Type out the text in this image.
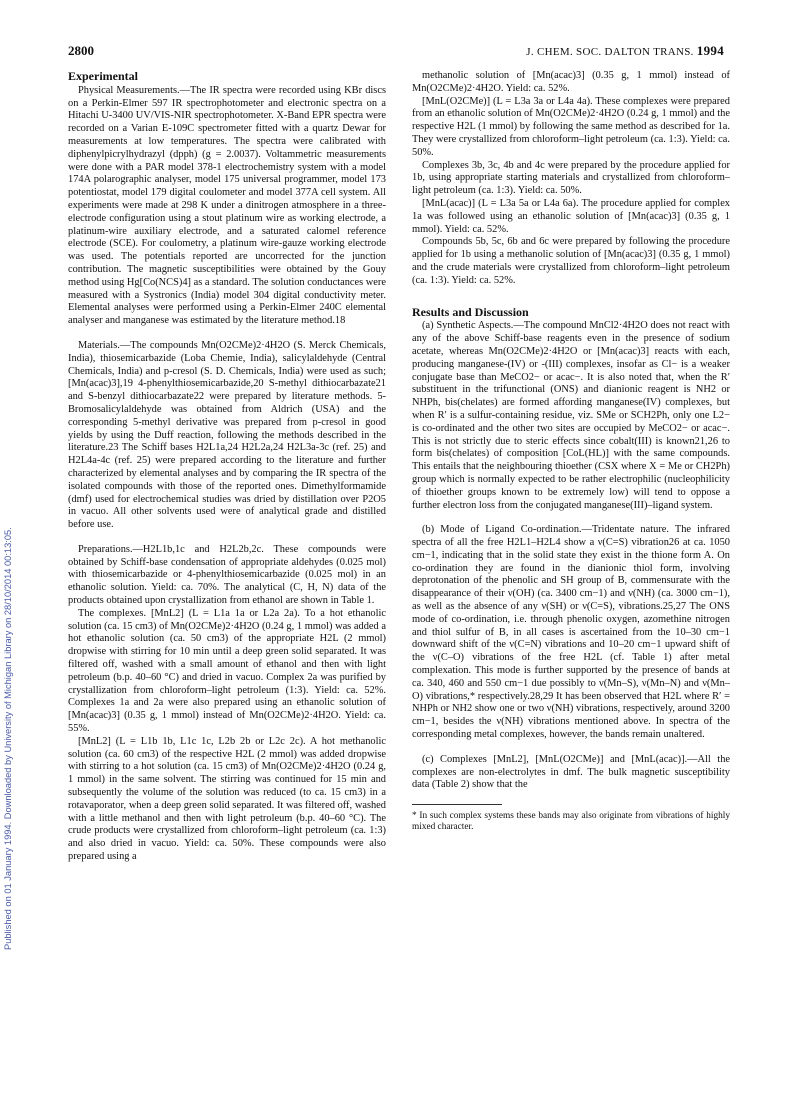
2800	J. CHEM. SOC. DALTON TRANS. 1994
Published on 01 January 1994. Downloaded by University of Michigan Library on 28/10/2014 00:13:05.
Experimental

Physical Measurements.—The IR spectra were recorded using KBr discs on a Perkin-Elmer 597 IR spectrophotometer and electronic spectra on a Hitachi U-3400 UV/VIS-NIR spectrophotometer. X-Band EPR spectra were recorded on a Varian E-109C spectrometer fitted with a quartz Dewar for measurements at low temperatures. The spectra were calibrated with diphenylpicrylhydrazyl (dpph) (g = 2.0037). Voltammetric measurements were done with a PAR model 378-1 electrochemistry system with a model 174A polarographic analyser, model 175 universal programmer, model 173 potentiostat, model 179 digital coulometer and model 377A cell system. All experiments were made at 298 K under a dinitrogen atmosphere in a three-electrode configuration using a stout platinum wire as working electrode, a platinum-wire auxiliary electrode, and a saturated calomel reference electrode (SCE). For coulometry, a platinum wire-gauze working electrode was used. The potentials reported are uncorrected for the junction contribution. The magnetic susceptibilities were obtained by the Gouy method using Hg[Co(NCS)4] as a standard. The solution conductances were measured with a Systronics (India) model 304 digital conductivity meter. Elemental analyses were performed using a Perkin-Elmer 240C elemental analyser and manganese was estimated by the literature method.18

Materials.—The compounds Mn(O2CMe)2·4H2O (S. Merck Chemicals, India), thiosemicarbazide (Loba Chemie, India), salicylaldehyde (Central Chemicals, India) and p-cresol (S. D. Chemicals, India) were used as such; [Mn(acac)3],19 4-phenylthiosemicarbazide,20 S-methyl dithiocarbazate21 and S-benzyl dithiocarbazate22 were prepared by literature methods. 5-Bromosalicylaldehyde was obtained from Aldrich (USA) and the corresponding 5-methyl derivative was prepared from p-cresol in good yields by using the Duff reaction, following the methods described in the literature.23 The Schiff bases H2L1a,24 H2L2a,24 H2L3a-3c (ref. 25) and H2L4a-4c (ref. 25) were prepared according to the literature and further characterized by elemental analyses and by comparing the IR spectra of the isolated compounds with those of the reported ones. Dimethylformamide (dmf) used for electrochemical studies was dried by distillation over P2O5 in vacuo. All other solvents used were of analytical grade and distilled before use.

Preparations.—H2L1b,1c and H2L2b,2c. These compounds were obtained by Schiff-base condensation of appropriate aldehydes (0.025 mol) with thiosemicarbazide or 4-phenylthiosemicarbazide (0.025 mol) in an ethanolic solution. Yield: ca. 70%. The analytical (C, H, N) data of the products obtained upon crystallization from ethanol are shown in Table 1.

The complexes. [MnL2] (L = L1a 1a or L2a 2a). To a hot ethanolic solution (ca. 15 cm3) of Mn(O2CMe)2·4H2O (0.24 g, 1 mmol) was added a hot ethanolic solution (ca. 50 cm3) of the appropriate H2L (2 mmol) dropwise with stirring for 10 min until a deep green solid separated. It was filtered off, washed with a small amount of ethanol and then with light petroleum (b.p. 40–60 °C) and dried in vacuo. Complex 2a was purified by crystallization from chloroform–light petroleum (1:3). Yield: ca. 52%. Complexes 1a and 2a were also prepared using an ethanolic solution of [Mn(acac)3] (0.35 g, 1 mmol) instead of Mn(O2CMe)2·4H2O. Yield: ca. 55%.

[MnL2] (L = L1b 1b, L1c 1c, L2b 2b or L2c 2c). A hot methanolic solution (ca. 60 cm3) of the respective H2L (2 mmol) was added dropwise with stirring to a hot solution (ca. 15 cm3) of Mn(O2CMe)2·4H2O (0.24 g, 1 mmol) in the same solvent. The stirring was continued for 15 min and subsequently the volume of the solution was reduced (to ca. 15 cm3) in a rotavaporator, when a deep green solid separated. It was filtered off, washed with a little methanol and then with light petroleum (b.p. 40–60 °C). The crude products were crystallized from chloroform–light petroleum (ca. 1:3) and also dried in vacuo. Yield: ca. 50%. These compounds were also prepared using a

methanolic solution of [Mn(acac)3] (0.35 g, 1 mmol) instead of Mn(O2CMe)2·4H2O. Yield: ca. 52%.

[MnL(O2CMe)] (L = L3a 3a or L4a 4a). These complexes were prepared from an ethanolic solution of Mn(O2CMe)2·4H2O (0.24 g, 1 mmol) and the respective H2L (1 mmol) by following the same method as described for 1a. They were crystallized from chloroform–light petroleum (ca. 1:3). Yield: ca. 50%.

Complexes 3b, 3c, 4b and 4c were prepared by the procedure applied for 1b, using appropriate starting materials and crystallized from chloroform–light petroleum (ca. 1:3). Yield: ca. 50%.

[MnL(acac)] (L = L3a 5a or L4a 6a). The procedure applied for complex 1a was followed using an ethanolic solution of [Mn(acac)3] (0.35 g, 1 mmol). Yield: ca. 52%.

Compounds 5b, 5c, 6b and 6c were prepared by following the procedure applied for 1b using a methanolic solution of [Mn(acac)3] (0.35 g, 1 mmol) and the crude materials were crystallized from chloroform–light petroleum (ca. 1:3). Yield: ca. 52%.

Results and Discussion

(a) Synthetic Aspects.—The compound MnCl2·4H2O does not react with any of the above Schiff-base reagents even in the presence of sodium acetate, whereas Mn(O2CMe)2·4H2O or [Mn(acac)3] reacts with each, producing manganese-(IV) or -(III) complexes, insofar as Cl− is a weaker conjugate base than MeCO2− or acac−. It is also noted that, when the R′ substituent in the trifunctional (ONS) and dianionic reagent is NH2 or NHPh, bis(chelates) are formed affording manganese(IV) complexes, but when R′ is a sulfur-containing residue, viz. SMe or SCH2Ph, only one L2− is co-ordinated and the other two sites are occupied by MeCO2− or acac−. This is not strictly due to steric effects since cobalt(III) is known21,26 to form bis(chelates) of composition [CoL(HL)] with the same compounds. This entails that the neighbouring thioether (CSX where X = Me or CH2Ph) group which is normally expected to be rather electrophilic (nucleophilicity of thioether groups known to be extremely low) will tend to oppose a further electron loss from the conjugated manganese(III)–ligand system.

(b) Mode of Ligand Co-ordination.—Tridentate nature. The infrared spectra of all the free H2L1–H2L4 show a ν(C=S) vibration26 at ca. 1050 cm−1, indicating that in the solid state they exist in the thione form A. On co-ordination they are found in the dianionic thiol form, involving deprotonation of the phenolic and SH group of B, commensurate with the disappearance of their ν(OH) (ca. 3400 cm−1) and ν(NH) (ca. 3000 cm−1), as well as the absence of any ν(SH) or ν(C=S), vibrations.25,27 The ONS mode of co-ordination, i.e. through phenolic oxygen, azomethine nitrogen and thiol sulfur of B, in all cases is ascertained from the 10–30 cm−1 downward shift of the ν(C=N) vibrations and 10–20 cm−1 upward shift of the ν(C–O) vibrations of the free H2L (cf. Table 1) after metal complexation. This mode is further supported by the presence of bands at ca. 340, 460 and 550 cm−1 due possibly to ν(Mn–S), ν(Mn–N) and ν(Mn–O) vibrations,* respectively.28,29 It has been observed that H2L where R′ = NHPh or NH2 show one or two ν(NH) vibrations, respectively, around 3200 cm−1, besides the ν(NH) vibrations mentioned above. In spectra of the corresponding metal complexes, however, the bands remain unaltered.

(c) Complexes [MnL2], [MnL(O2CMe)] and [MnL(acac)].—All the complexes are non-electrolytes in dmf. The bulk magnetic susceptibility data (Table 2) show that the

* In such complex systems these bands may also originate from vibrations of highly mixed character.
